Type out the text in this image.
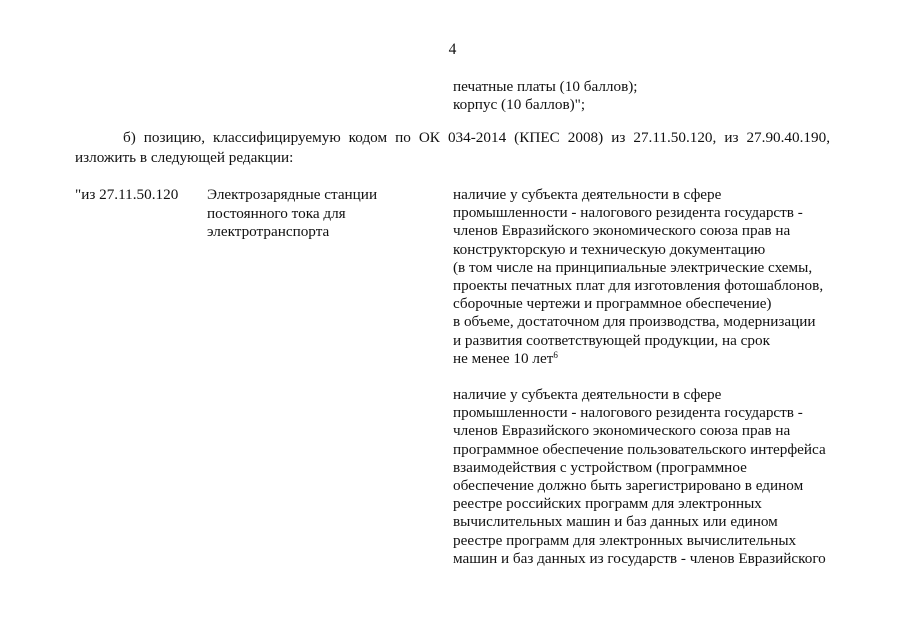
4
печатные платы (10 баллов);
корпус (10 баллов)";
б) позицию, классифицируемую кодом по ОК 034-2014 (КПЕС 2008) из 27.11.50.120, из 27.90.40.190, изложить в следующей редакции:
"из 27.11.50.120 Электрозарядные станции
постоянного тока для
электротранспорта
наличие у субъекта деятельности в сфере
промышленности - налогового резидента государств -
членов Евразийского экономического союза прав на
конструкторскую и техническую документацию
(в том числе на принципиальные электрические схемы,
проекты печатных плат для изготовления фотошаблонов,
сборочные чертежи и программное обеспечение)
в объеме, достаточном для производства, модернизации
и развития соответствующей продукции, на срок
не менее 10 лет$^6$
наличие у субъекта деятельности в сфере
промышленности - налогового резидента государств -
членов Евразийского экономического союза прав на
программное обеспечение пользовательского интерфейса
взаимодействия с устройством (программное
обеспечение должно быть зарегистрировано в едином
реестре российских программ для электронных
вычислительных машин и баз данных или едином
реестре программ для электронных вычислительных
машин и баз данных из государств - членов Евразийского
